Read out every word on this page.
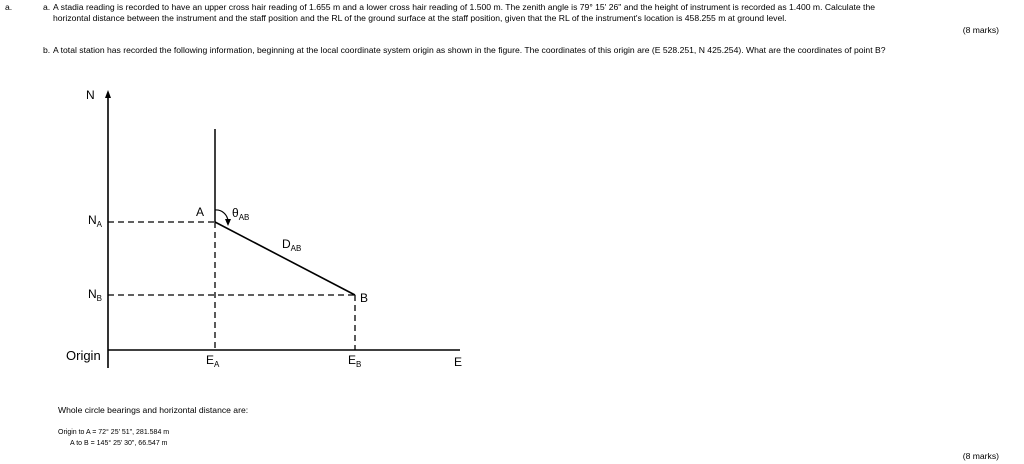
a.	a. A stadia reading is recorded to have an upper cross hair reading of 1.655 m and a lower cross hair reading of 1.500 m. The zenith angle is 79° 15' 26" and the height of instrument is recorded as 1.400 m. Calculate the
horizontal distance between the instrument and the staff position and the RL of the ground surface at the staff position, given that the RL of the instrument's location is 458.255 m at ground level.
(8 marks)
b. A total station has recorded the following information, beginning at the local coordinate system origin as shown in the figure. The coordinates of this origin are (E 528.251, N 425.254). What are the coordinates of point B?
N
E
Origin
A
B
$\theta_{AB}$
$D_{AB}$
$N_A$
$N_B$
$E_A$	$E_B$
Whole circle bearings and horizontal distance are:
Origin to A = 72° 25' 51", 281.584 m
A to B = 145° 25' 30", 66.547 m
(8 marks)
